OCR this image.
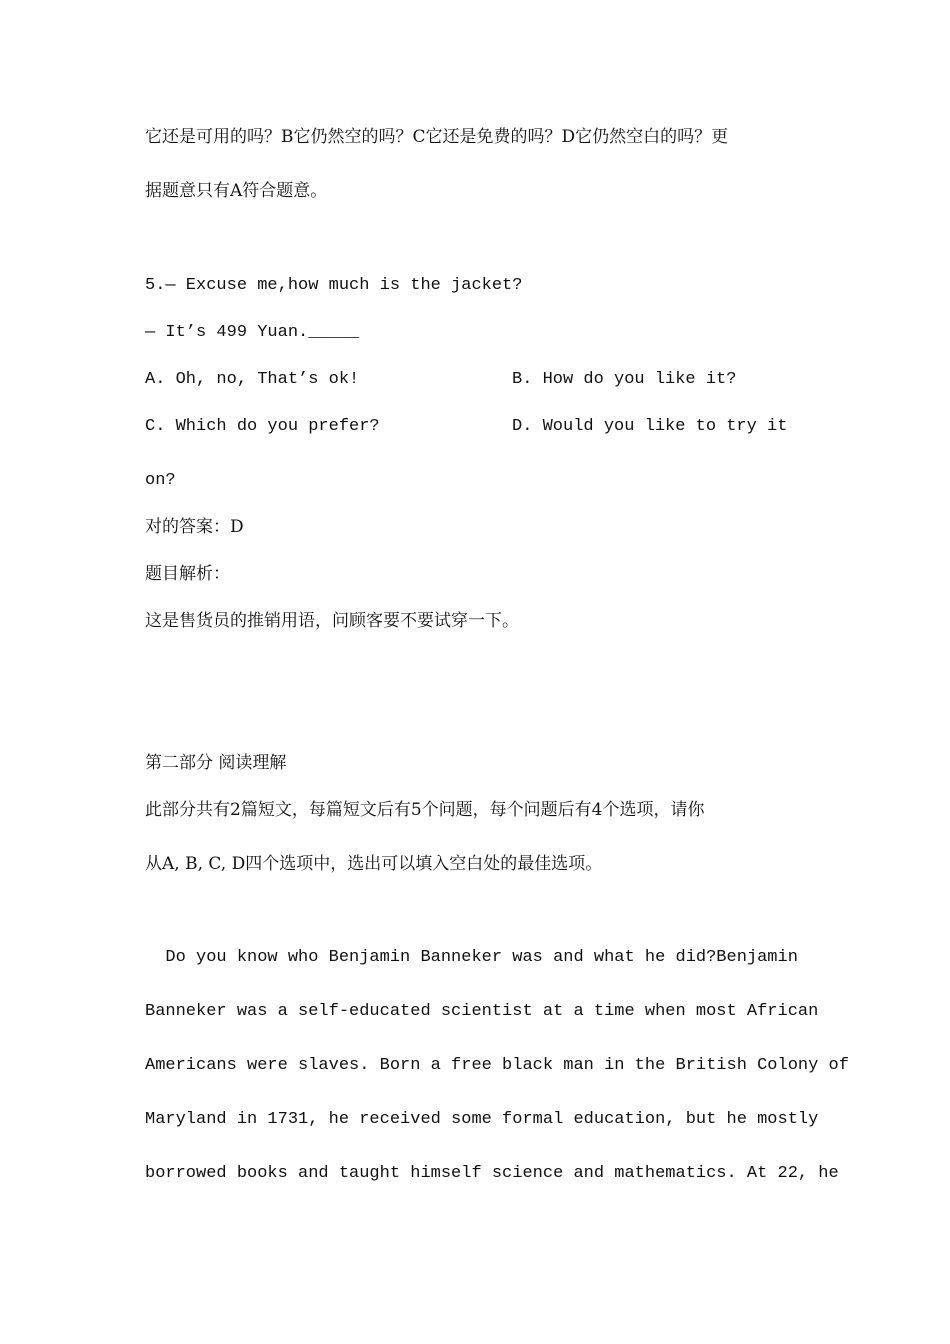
它还是可用的吗？B它仍然空的吗？C它还是免费的吗？D它仍然空白的吗？更
据题意只有A符合题意。
5.— Excuse me,how much is the jacket?
— It’s 499 Yuan._____
A. Oh, no, That’s ok!	B. How do you like it?
C. Which do you prefer?	D. Would you like to try it
on?
对的答案：D
题目解析：
这是售货员的推销用语，问顾客要不要试穿一下。
第二部分 阅读理解
此部分共有2篇短文，每篇短文后有5个问题，每个问题后有4个选项，请你
从A, B, C, D四个选项中，选出可以填入空白处的最佳选项。
Do you know who Benjamin Banneker was and what he did?Benjamin
Banneker was a self-educated scientist at a time when most African
Americans were slaves. Born a free black man in the British Colony of
Maryland in 1731, he received some formal education, but he mostly
borrowed books and taught himself science and mathematics. At 22, he
